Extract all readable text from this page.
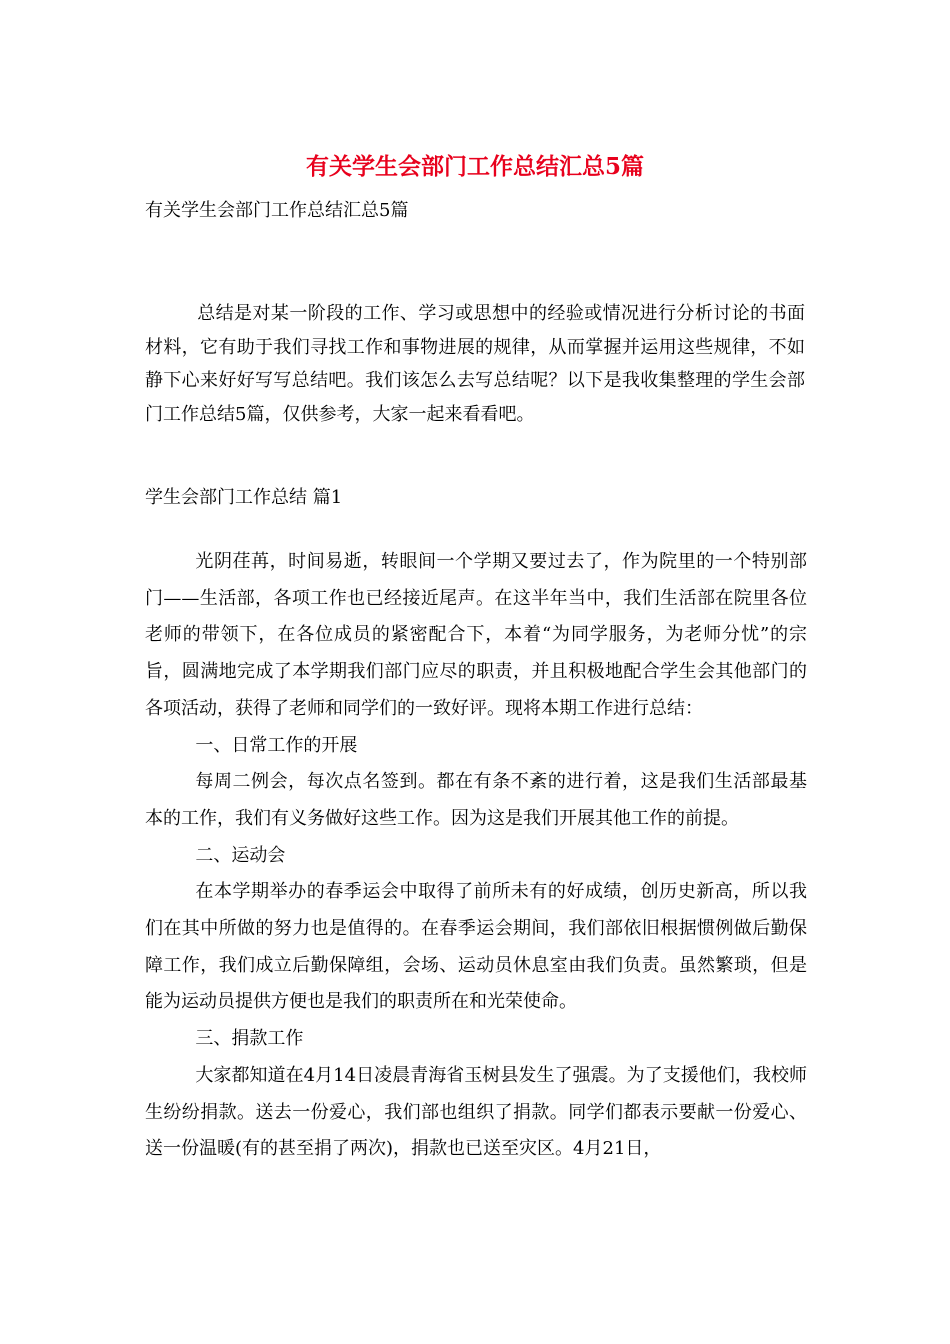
有关学生会部门工作总结汇总5篇
有关学生会部门工作总结汇总5篇

总结是对某一阶段的工作、学习或思想中的经验或情况进行分析讨论的书面材料，它有助于我们寻找工作和事物进展的规律，从而掌握并运用这些规律，不如静下心来好好写写总结吧。我们该怎么去写总结呢？以下是我收集整理的学生会部门工作总结5篇，仅供参考，大家一起来看看吧。

学生会部门工作总结 篇1

光阴荏苒，时间易逝，转眼间一个学期又要过去了，作为院里的一个特别部门——生活部，各项工作也已经接近尾声。在这半年当中，我们生活部在院里各位老师的带领下，在各位成员的紧密配合下，本着“为同学服务，为老师分忧”的宗旨，圆满地完成了本学期我们部门应尽的职责，并且积极地配合学生会其他部门的各项活动，获得了老师和同学们的一致好评。现将本期工作进行总结：

一、日常工作的开展

每周二例会，每次点名签到。都在有条不紊的进行着，这是我们生活部最基本的工作，我们有义务做好这些工作。因为这是我们开展其他工作的前提。

二、运动会

在本学期举办的春季运会中取得了前所未有的好成绩，创历史新高，所以我们在其中所做的努力也是值得的。在春季运会期间，我们部依旧根据惯例做后勤保障工作，我们成立后勤保障组，会场、运动员休息室由我们负责。虽然繁琐，但是能为运动员提供方便也是我们的职责所在和光荣使命。

三、捐款工作

大家都知道在4月14日凌晨青海省玉树县发生了强震。为了支援他们，我校师生纷纷捐款。送去一份爱心，我们部也组织了捐款。同学们都表示要献一份爱心、送一份温暖(有的甚至捐了两次)，捐款也已送至灾区。4月21日，
